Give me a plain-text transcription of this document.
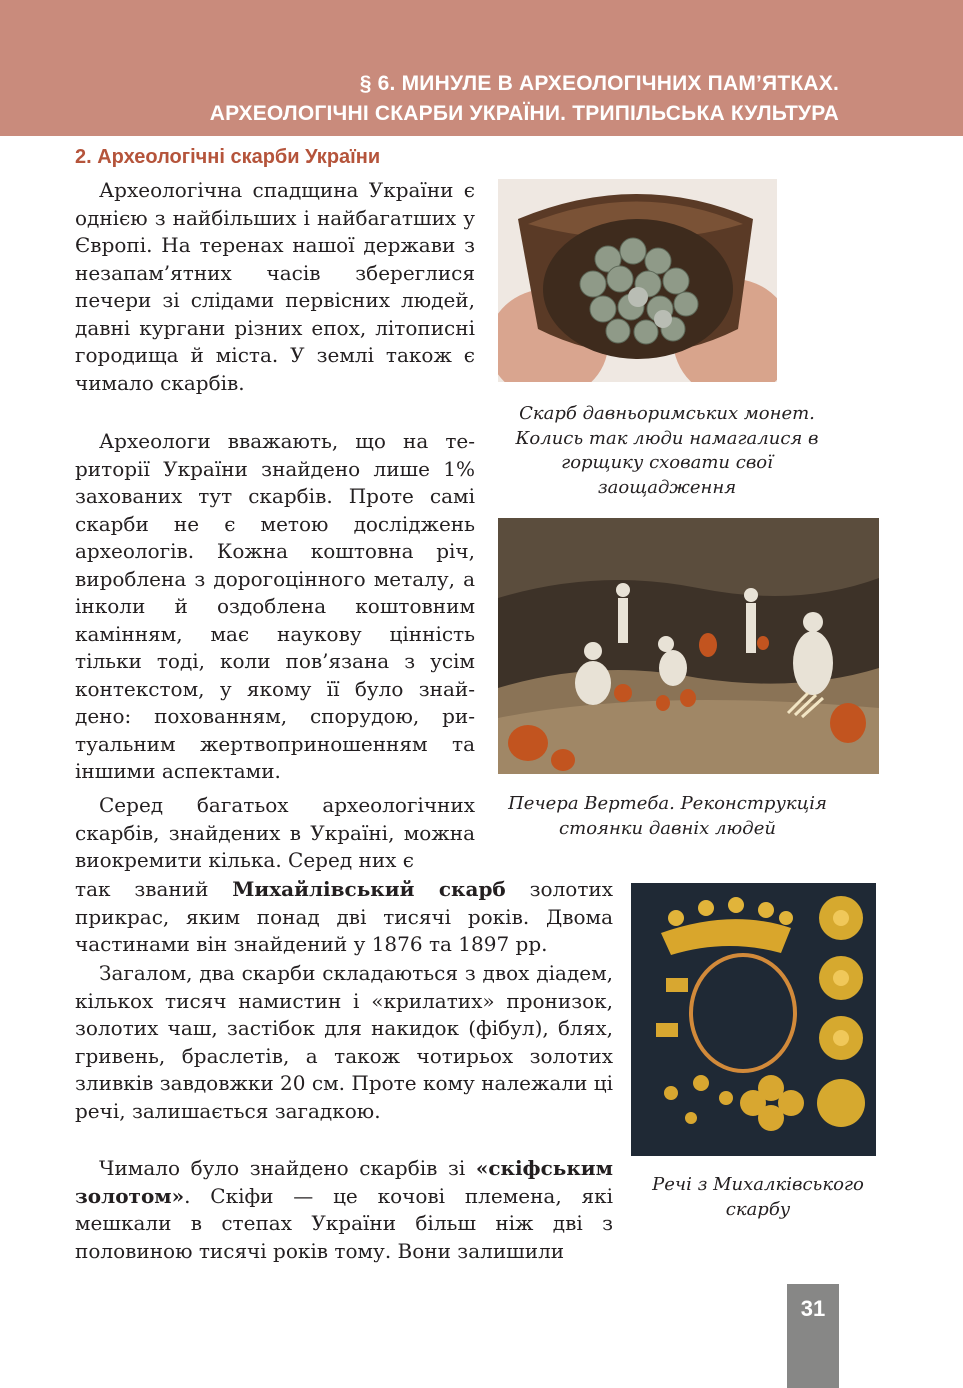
§ 6. МИНУЛЕ В АРХЕОЛОГІЧНИХ ПАМ’ЯТКАХ.
АРХЕОЛОГІЧНІ СКАРБИ УКРАЇНИ. ТРИПІЛЬСЬКА КУЛЬТУРА
2. Археологічні скарби України

Археологічна спадщина України є однією з найбільших і найбагатших у Європі. На теренах нашої держави з незапам’ятних часів збереглися печери зі слідами первісних людей, давні кургани різних епох, літописні городища й міста. У землі також є чимало скарбів.

Археологи вважають, що на території України знайдено лише 1% захованих тут скарбів. Проте самі скарби не є метою досліджень археологів. Кожна коштовна річ, вироблена з дорогоцінного металу, а інколи й оздоблена коштовним камінням, має наукову цінність тільки тоді, коли пов’язана з усім контекстом, у якому її було знайдено: похованням, спорудою, ритуальним жертвоприношенням та іншими аспектами.

Серед багатьох археологічних скарбів, знайдених в Україні, можна виокремити кілька. Серед них є

так званий Михайлівський скарб золотих прикрас, яким понад дві тисячі років. Двома частинами він знайдений у 1876 та 1897 рр.

Загалом, два скарби складаються з двох діадем, кількох тисяч намистин і «крилатих» пронизок, золотих чаш, застібок для накидок (фібул), блях, гривень, браслетів, а також чотирьох золотих зливків завдовжки 20 см. Проте кому належали ці речі, залишається загадкою.

Чимало було знайдено скарбів зі «скіфським золотом». Скіфи — це кочові племена, які мешкали в степах України більш ніж дві з половиною тисячі років тому. Вони залишили

Скарб давньоримських монет. Колись так люди намагалися в горщику сховати свої заощадження
Печера Вертеба. Реконструкція стоянки давніх людей
Речі з Михалківського скарбу
31
